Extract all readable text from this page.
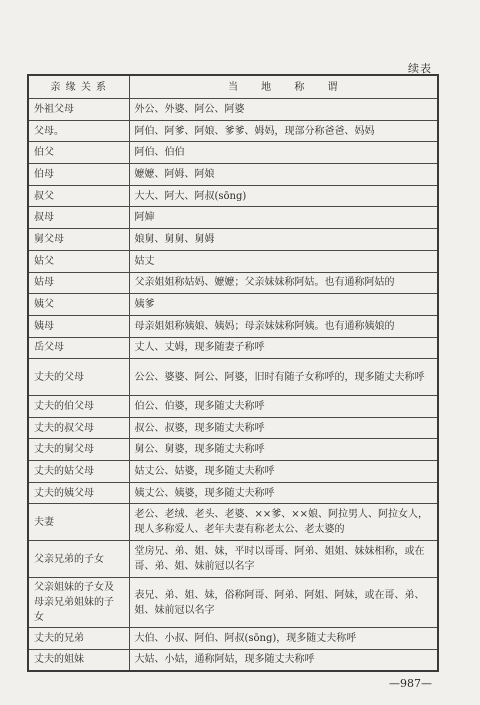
续表
亲 缘 关 系	当 地 称 谓
外祖父母	外公、外婆、阿公、阿婆
父母。	阿伯、阿爹、阿娘、爹爹、姆妈，现部分称爸爸、妈妈
伯父	阿伯、伯伯
伯母	嬷嬷、阿姆、阿娘
叔父	大大、阿大、阿叔(sōng)
叔母	阿婶
舅父母	娘舅、舅舅、舅姆
姑父	姑丈
姑母	父亲姐姐称姑妈、嬷嬷；父亲妹妹称阿姑。也有通称阿姑的
姨父	姨爹
姨母	母亲姐姐称姨娘、姨妈；母亲妹妹称阿姨。也有通称姨娘的
岳父母	丈人、丈姆，现多随妻子称呼
丈夫的父母	公公、婆婆、阿公、阿婆，旧时有随子女称呼的，现多随丈夫称呼
丈夫的伯父母	伯公、伯婆，现多随丈夫称呼
丈夫的叔父母	叔公、叔婆，现多随丈夫称呼
丈夫的舅父母	舅公、舅婆，现多随丈夫称呼
丈夫的姑父母	姑丈公、姑婆，现多随丈夫称呼
丈夫的姨父母	姨丈公、姨婆，现多随丈夫称呼
夫妻	老公、老绒、老头、老婆、××爹、××娘、阿拉男人、阿拉女人，现人多称爱人、老年夫妻有称老太公、老太婆的
父亲兄弟的子女	堂房兄、弟、姐、妹，平时以哥哥、阿弟、姐姐、妹妹相称，或在哥、弟、姐、妹前冠以名字
父亲姐妹的子女及母亲兄弟姐妹的子女	表兄、弟、姐、妹，俗称阿哥、阿弟、阿姐、阿妹，或在哥、弟、姐、妹前冠以名字
丈夫的兄弟	大伯、小叔、阿伯、阿叔(sōng)，现多随丈夫称呼
丈夫的姐妹	大姑、小姑，通称阿姑，现多随丈夫称呼
—987—
